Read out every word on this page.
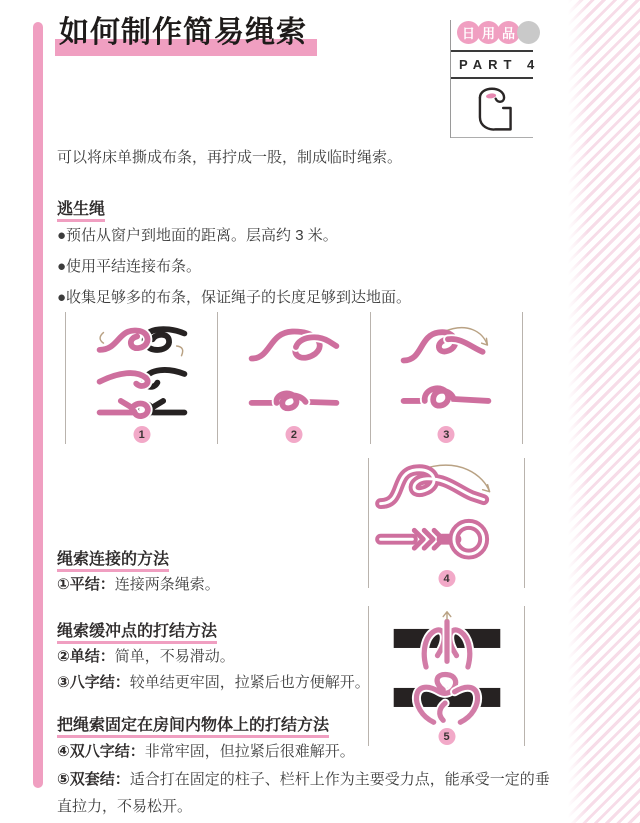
如何制作简易绳索	日 用 品
PART 4

可以将床单撕成布条，再拧成一股，制成临时绳索。

逃生绳

●预估从窗户到地面的距离。层高约 3 米。

●使用平结连接布条。

●收集足够多的布条，保证绳子的长度足够到达地面。

1	2	3
4
5
绳索连接的方法

①平结：连接两条绳索。

绳索缓冲点的打结方法

②单结：简单，不易滑动。

③八字结：较单结更牢固，拉紧后也方便解开。

把绳索固定在房间内物体上的打结方法

④双八字结：非常牢固，但拉紧后很难解开。

⑤双套结：适合打在固定的柱子、栏杆上作为主要受力点，能承受一定的垂直拉力，不易松开。
